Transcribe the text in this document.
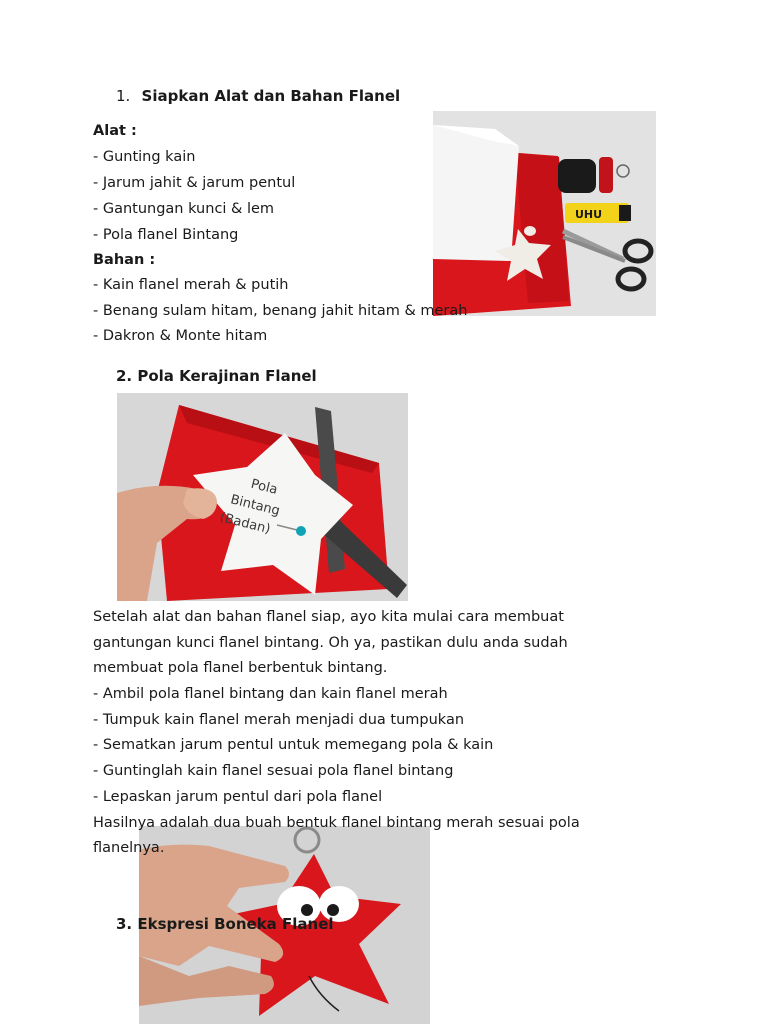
1. Siapkan Alat dan Bahan Flanel
Alat :
- Gunting kain
- Jarum jahit & jarum pentul
- Gantungan kunci & lem
- Pola flanel Bintang
Bahan :
- Kain flanel merah & putih
UHU
- Benang sulam hitam, benang jahit hitam & merah
- Dakron & Monte hitam
2. Pola Kerajinan Flanel
Pola Bintang (Badan)
Setelah alat dan bahan flanel siap, ayo kita mulai cara membuat
gantungan kunci flanel bintang. Oh ya, pastikan dulu anda sudah
membuat pola flanel berbentuk bintang.
- Ambil pola flanel bintang dan kain flanel merah
- Tumpuk kain flanel merah menjadi dua tumpukan
- Sematkan jarum pentul untuk memegang pola & kain
- Guntinglah kain flanel sesuai pola flanel bintang
- Lepaskan jarum pentul dari pola flanel
Hasilnya adalah dua buah bentuk flanel bintang merah sesuai pola
flanelnya.
3. Ekspresi Boneka Flanel
